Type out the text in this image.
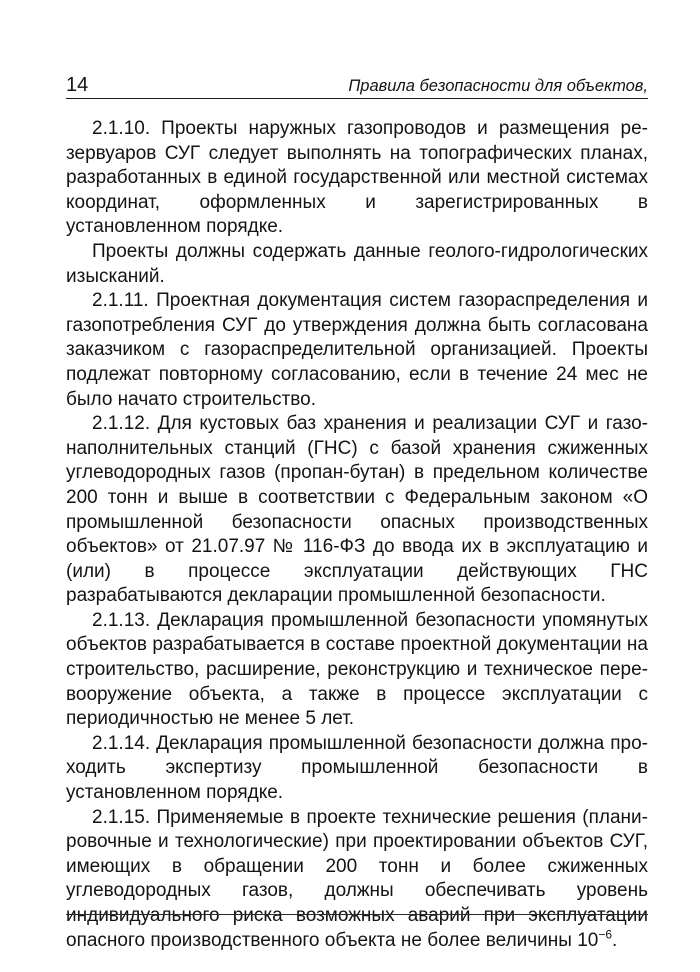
14	Правила безопасности для объектов,

2.1.10. Проекты наружных газопроводов и размещения резервуаров СУГ следует выполнять на топографических планах, разработанных в единой государственной или местной системах координат, оформленных и зарегистрированных в установленном порядке.

Проекты должны содержать данные геолого-гидрологических изысканий.

2.1.11. Проектная документация систем газораспределения и газопотребления СУГ до утверждения должна быть согласована заказчиком с газораспределительной организацией. Проекты подлежат повторному согласованию, если в течение 24 мес не было начато строительство.

2.1.12. Для кустовых баз хранения и реализации СУГ и газонаполнительных станций (ГНС) с базой хранения сжиженных углеводородных газов (пропан-бутан) в предельном количестве 200 тонн и выше в соответствии с Федеральным законом «О промышленной безопасности опасных производственных объектов» от 21.07.97 № 116-ФЗ до ввода их в эксплуатацию и (или) в процессе эксплуатации действующих ГНС разрабатываются декларации промышленной безопасности.

2.1.13. Декларация промышленной безопасности упомянутых объектов разрабатывается в составе проектной документации на строительство, расширение, реконструкцию и техническое перевооружение объекта, а также в процессе эксплуатации с периодичностью не менее 5 лет.

2.1.14. Декларация промышленной безопасности должна проходить экспертизу промышленной безопасности в установленном порядке.

2.1.15. Применяемые в проекте технические решения (планировочные и технологические) при проектировании объектов СУГ, имеющих в обращении 200 тонн и более сжиженных углеводородных газов, должны обеспечивать уровень индивидуального риска возможных аварий при эксплуатации опасного производственного объекта не более величины $10^{-6}$.
